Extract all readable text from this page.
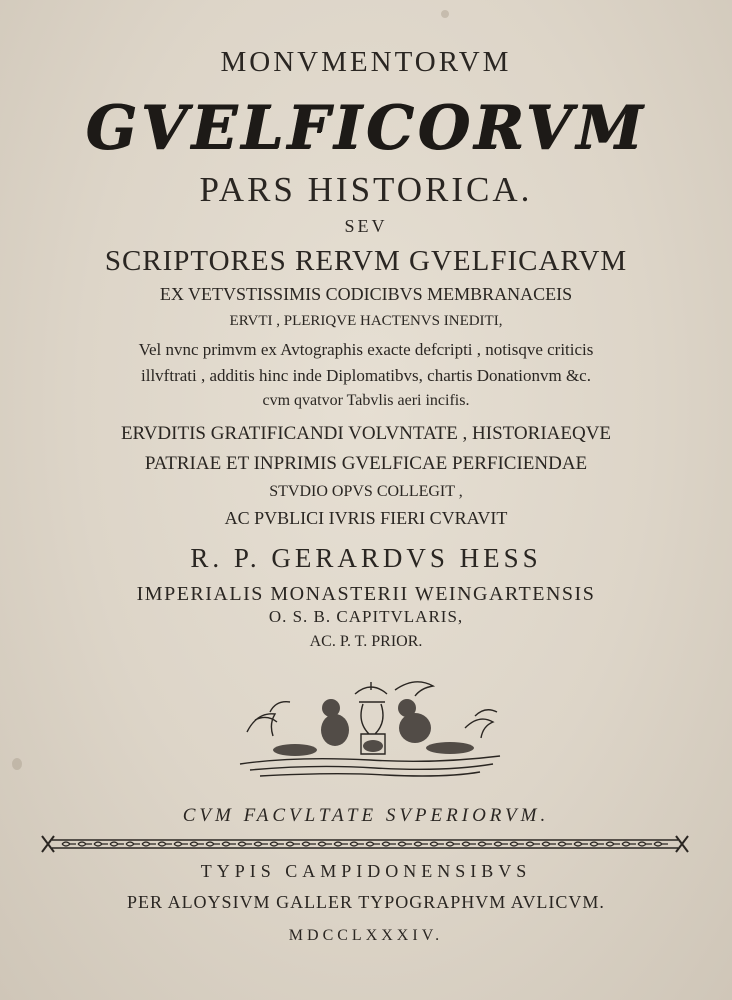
MONVMENTORVM
GVELFICORVM
PARS HISTORICA.
SEV
SCRIPTORES RERVM GVELFICARVM
EX VETVSTISSIMIS CODICIBVS MEMBRANACEIS
ERVTI , PLERIQVE HACTENVS INEDITI,
Vel nvnc primvm ex Avtographis exacte defcripti , notisqve criticis
illvftrati , additis hinc inde Diplomatibvs, chartis Donationvm &c.
cvm qvatvor Tabvlis aeri incifis.
ERVDITIS GRATIFICANDI VOLVNTATE , HISTORIAEQVE
PATRIAE ET INPRIMIS GVELFICAE PERFICIENDAE
STVDIO OPVS COLLEGIT ,
AC PVBLICI IVRIS FIERI CVRAVIT
R. P. GERARDVS HESS
IMPERIALIS MONASTERII WEINGARTENSIS
O. S. B. CAPITVLARIS,
AC. P. T. PRIOR.
CVM FACVLTATE SVPERIORVM.
TYPIS CAMPIDONENSIBVS
PER ALOYSIVM GALLER TYPOGRAPHVM AVLICVM.
MDCCLXXXIV.
